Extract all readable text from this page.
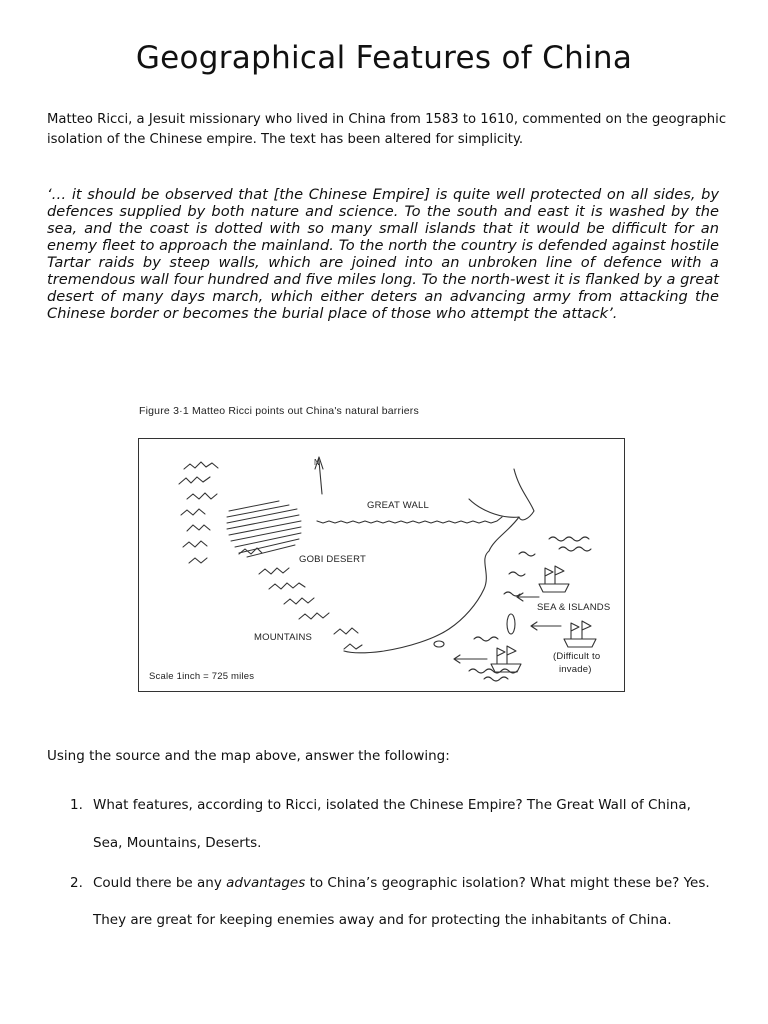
Geographical Features of China
Matteo Ricci, a Jesuit missionary who lived in China from 1583 to 1610, commented on the geographic isolation of the Chinese empire. The text has been altered for simplicity.
‘… it should be observed that [the Chinese Empire] is quite well protected on all sides, by defences supplied by both nature and science. To the south and east it is washed by the sea, and the coast is dotted with so many small islands that it would be difficult for an enemy fleet to approach the mainland. To the north the country is defended against hostile Tartar raids by steep walls, which are joined into an unbroken line of defence with a tremendous wall four hundred and five miles long. To the north-west it is flanked by a great desert of many days march, which either deters an advancing army from attacking the Chinese border or becomes the burial place of those who attempt the attack’.
Figure 3·1 Matteo Ricci points out China's natural barriers
N
GREAT WALL
GOBI DESERT
MOUNTAINS
SEA & ISLANDS
(Difficult to
invade)
Scale 1inch = 725 miles
Using the source and the map above, answer the following:
1. What features, according to Ricci, isolated the Chinese Empire? The Great Wall of China,
Sea, Mountains, Deserts.
2. Could there be any advantages to China’s geographic isolation? What might these be? Yes.
They are great for keeping enemies away and for protecting the inhabitants of China.
